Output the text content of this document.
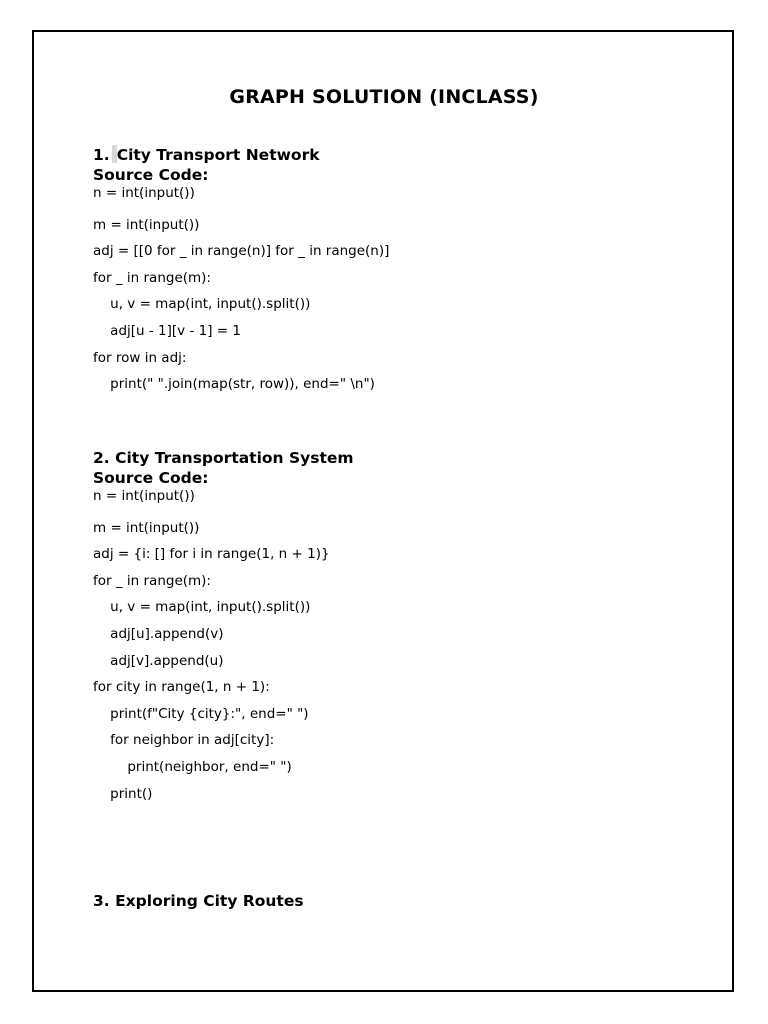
GRAPH SOLUTION (INCLASS)
1. City Transport Network
Source Code:
n = int(input())
m = int(input())
adj = [[0 for _ in range(n)] for _ in range(n)]
for _ in range(m):
u, v = map(int, input().split())
adj[u - 1][v - 1] = 1
for row in adj:
print(" ".join(map(str, row)), end=" \n")
2. City Transportation System
Source Code:
n = int(input())
m = int(input())
adj = {i: [] for i in range(1, n + 1)}
for _ in range(m):
u, v = map(int, input().split())
adj[u].append(v)
adj[v].append(u)
for city in range(1, n + 1):
print(f"City {city}:", end=" ")
for neighbor in adj[city]:
print(neighbor, end=" ")
print()
3. Exploring City Routes
